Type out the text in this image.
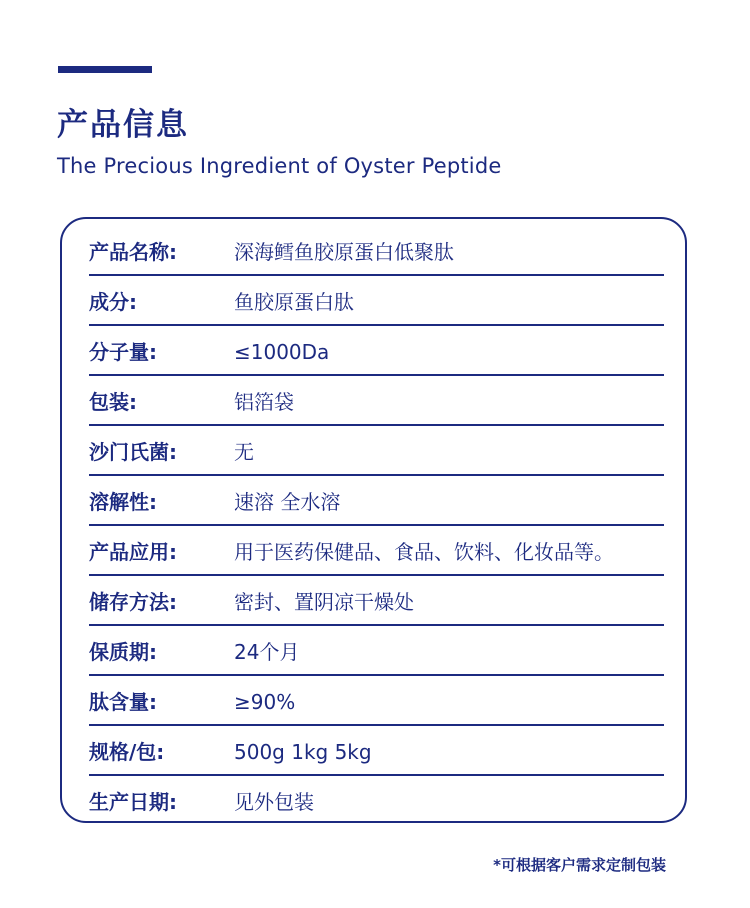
产品信息

The Precious Ingredient of Oyster Peptide

产品名称:	深海鳕鱼胶原蛋白低聚肽
成分:	鱼胶原蛋白肽
分子量:	≤1000Da
包装:	铝箔袋
沙门氏菌:	无
溶解性:	速溶 全水溶
产品应用:	用于医药保健品、食品、饮料、化妆品等。
储存方法:	密封、置阴凉干燥处
保质期:	24个月
肽含量:	≥90%
规格/包:	500g 1kg 5kg
生产日期:	见外包装

*可根据客户需求定制包装
